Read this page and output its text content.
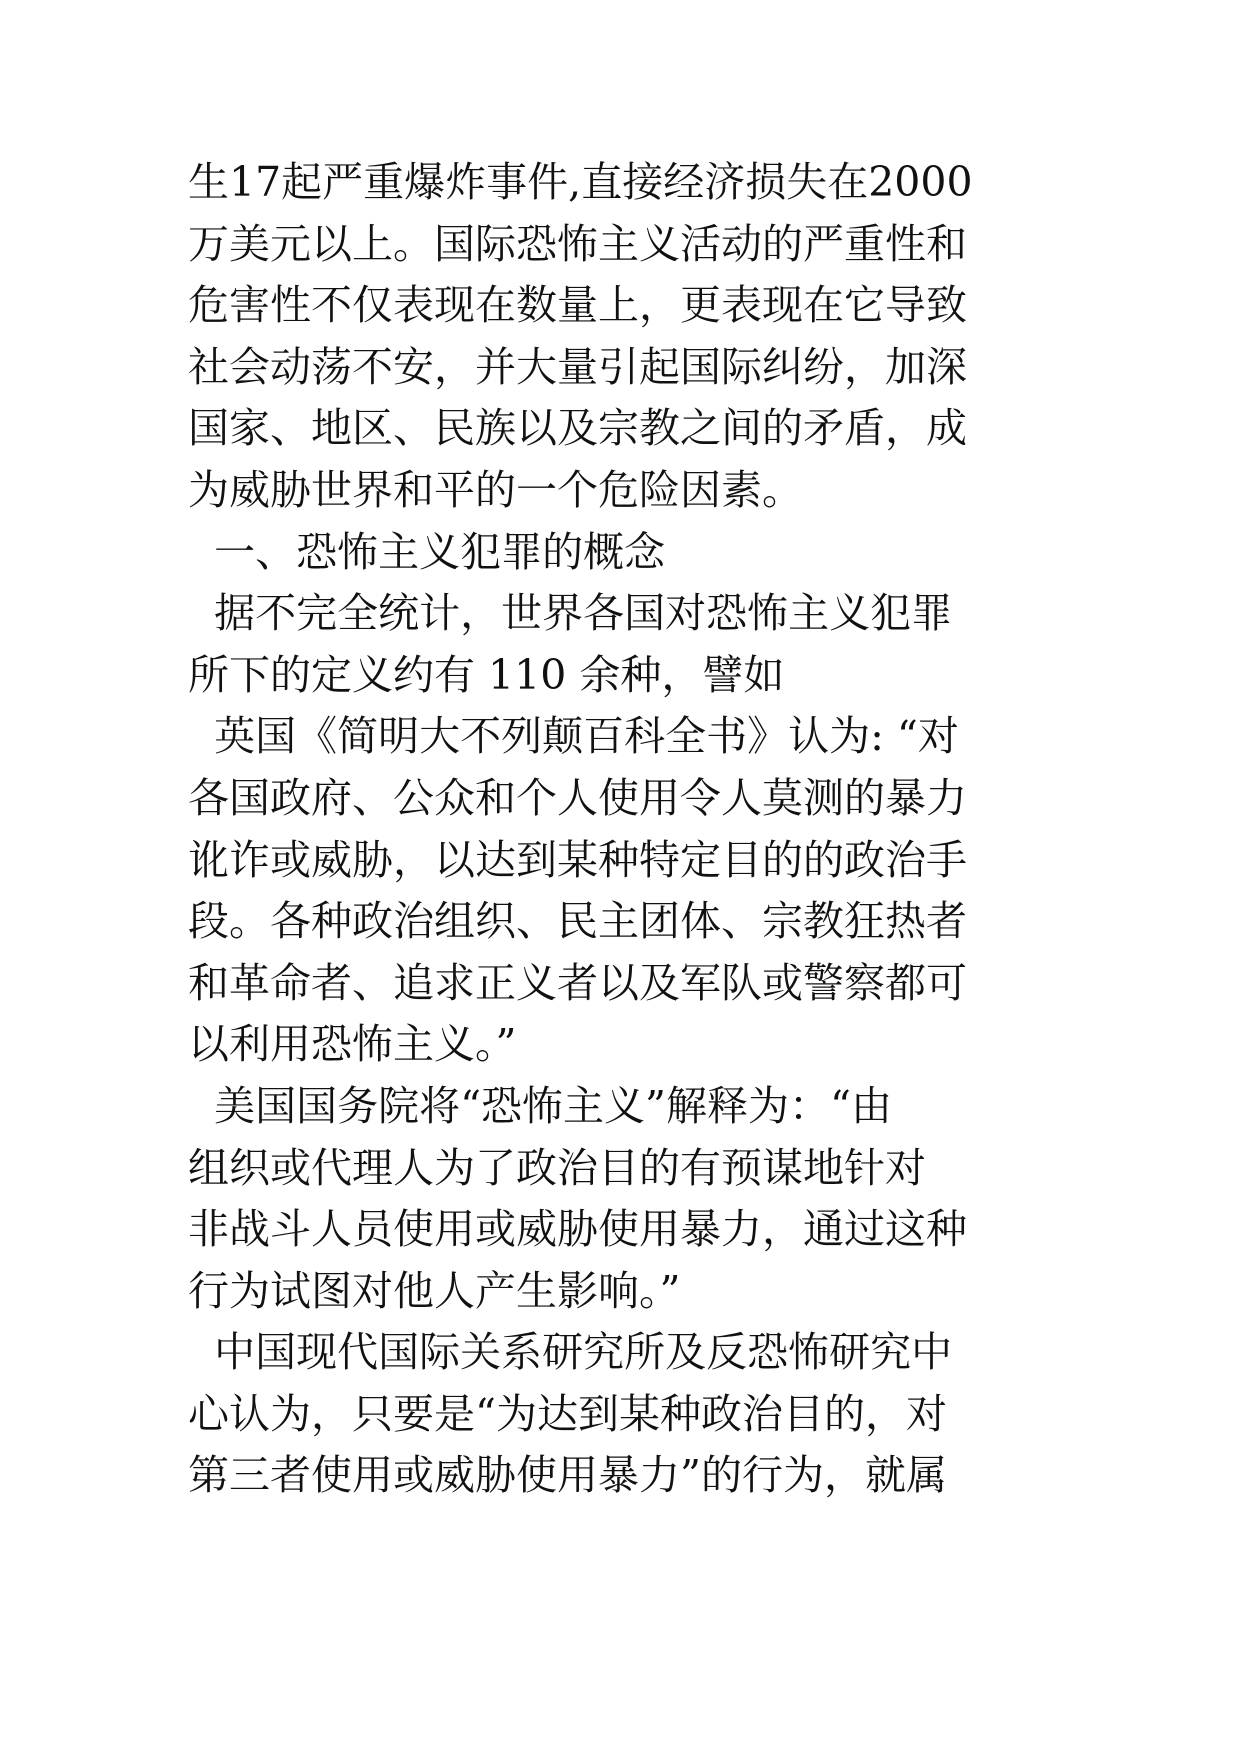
生17起严重爆炸事件,直接经济损失在2000
万美元以上。国际恐怖主义活动的严重性和
危害性不仅表现在数量上，更表现在它导致
社会动荡不安，并大量引起国际纠纷，加深
国家、地区、民族以及宗教之间的矛盾，成
为威胁世界和平的一个危险因素。
一、恐怖主义犯罪的概念
据不完全统计，世界各国对恐怖主义犯罪
所下的定义约有 110 余种，譬如
英国《简明大不列颠百科全书》认为: “对
各国政府、公众和个人使用令人莫测的暴力
讹诈或威胁，以达到某种特定目的的政治手
段。各种政治组织、民主团体、宗教狂热者
和革命者、追求正义者以及军队或警察都可
以利用恐怖主义。”
美国国务院将“恐怖主义”解释为：“由
组织或代理人为了政治目的有预谋地针对
非战斗人员使用或威胁使用暴力，通过这种
行为试图对他人产生影响。”
中国现代国际关系研究所及反恐怖研究中
心认为，只要是“为达到某种政治目的，对
第三者使用或威胁使用暴力”的行为，就属
